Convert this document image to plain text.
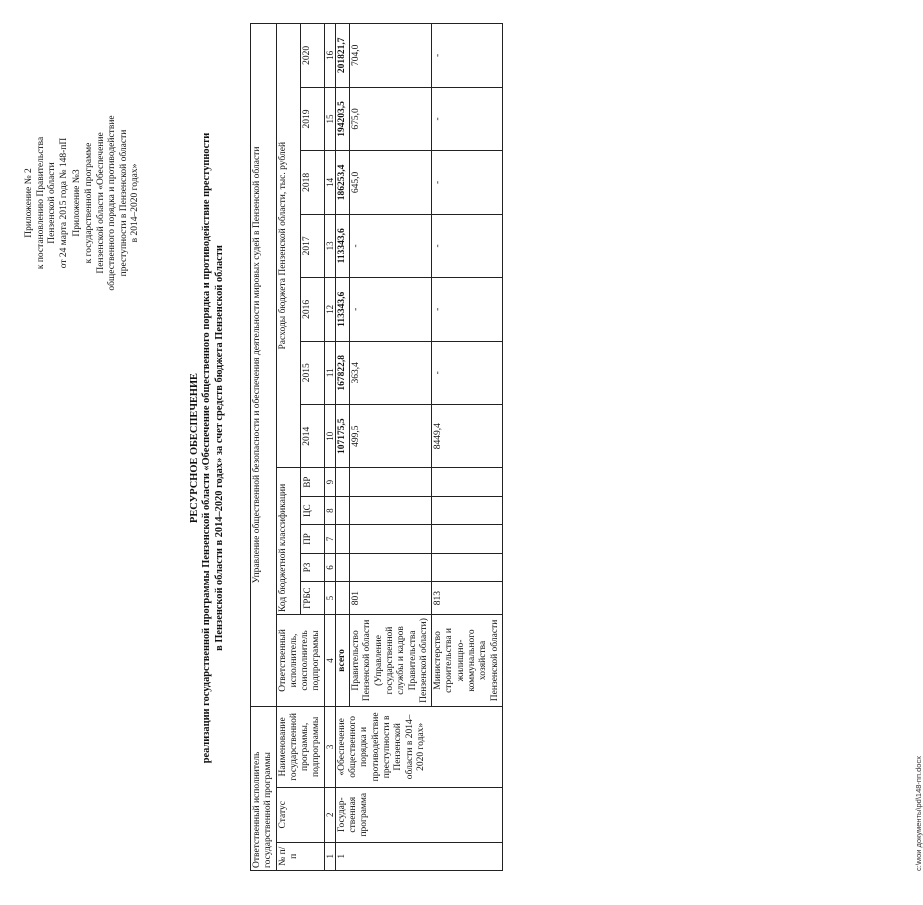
Приложение № 2 к постановлению Правительства Пензенской области от 24 марта 2015 года № 148-пП Приложение №3 к государственной программе Пензенской области «Обеспечение общественного порядка и противодействие преступности в Пензенской области в 2014–2020 годах»
РЕСУРСНОЕ ОБЕСПЕЧЕНИЕ реализации государственной программы Пензенской области «Обеспечение общественного порядка и противодействие преступности в Пензенской области в 2014–2020 годах» за счет средств бюджета Пензенской области
Ответственный исполнитель государственной программы			Управление общественной безопасности и обеспечения деятельности мировых судей в Пензенской области												
№ п/п	Статус	Наименование государственной программы, подпрограммы	Ответственный исполнитель, соисполнитель подпрограммы	Код бюджетной классификации					Расходы бюджета Пензенской области, тыс. рублей						
				ГРБС	РЗ	ПР	ЦС	ВР	2014	2015	2016	2017	2018	2019	2020
1	2	3	4	5	6	7	8	9	10	11	12	13	14	15	16
1	Государ-ственная программа	«Обеспечение общественного порядка и противодействие преступности в Пензенской области в 2014–2020 годах»	всего						107175,5	167822,8	113343,6	113343,6	186253,4	194203,5	201821,7
			Правительство Пензенской области (Управление государственной службы и кадров Правительства Пензенской области)	801					499,5	363,4	-	-	645,0	675,0	704,0
			Министерство строительства и жилищно-коммунального хозяйства Пензенской области	813					8449,4	-	-	-	-	-	-
c:\мои документы\pd\148-пп.docx
